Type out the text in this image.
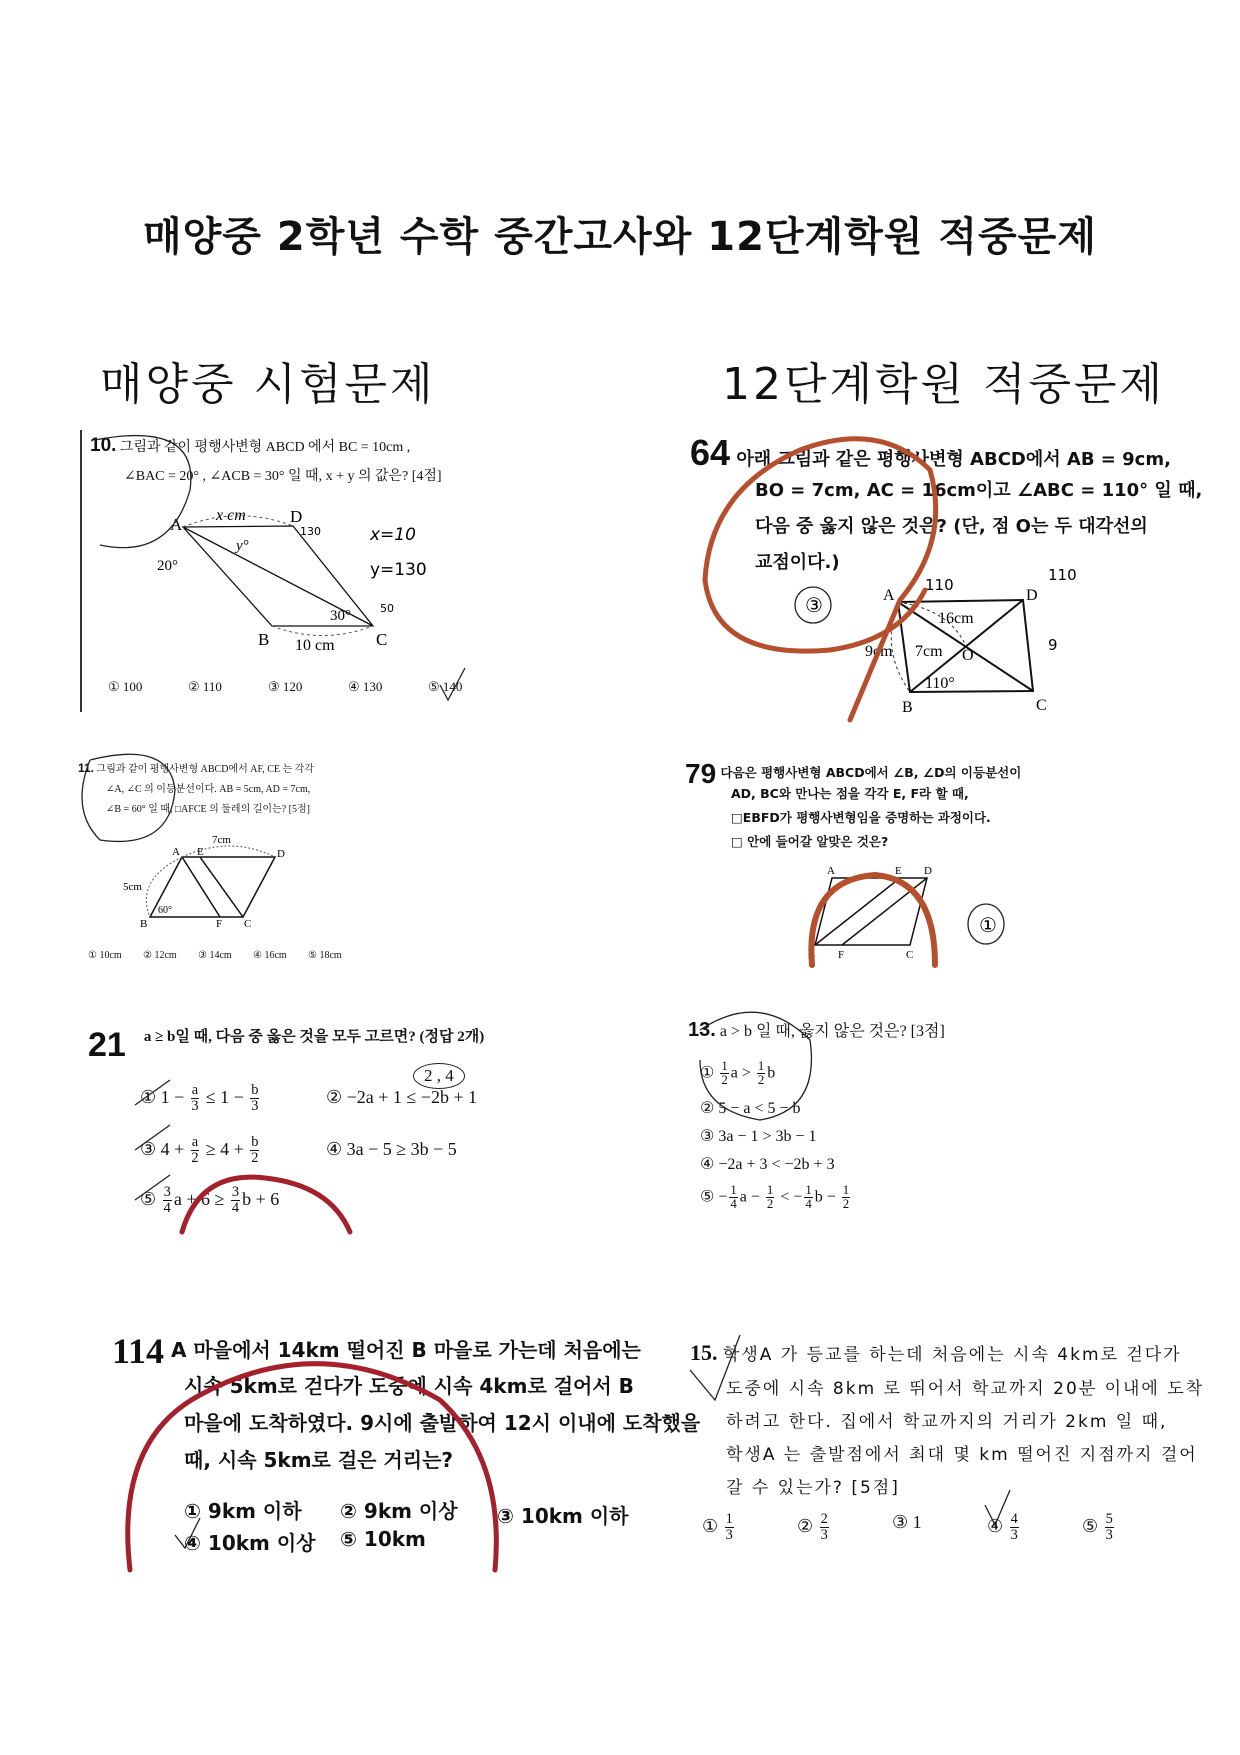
매양중 2학년 수학 중간고사와 12단계학원 적중문제
매양중 시험문제	12단계학원 적중문제
10. 그림과 같이 평행사변형 ABCD 에서 BC = 10cm ,
∠BAC = 20° , ∠ACB = 30° 일 때, x + y 의 값은? [4점]
① 100	② 110	③ 120	④ 130	⑤ 140
A	D
B	C
x cm
y°
20°
30°
10 cm
x=10
y=130
130
50
64 아래 그림과 같은 평행사변형 ABCD에서 AB = 9cm,
BO = 7cm, AC = 16cm이고 ∠ABC = 110° 일 때,
다음 중 옳지 않은 것은? (단, 점 O는 두 대각선의
교점이다.)
③	A	D
B	C
O
16cm
9cm 7cm
110°
110
110
9
11. 그림과 같이 평행사변형 ABCD에서 AF, CE 는 각각
∠A, ∠C 의 이등분선이다. AB = 5cm, AD = 7cm,
∠B = 60° 일 때, □AFCE 의 둘레의 길이는? [5점]
① 10cm	② 12cm	③ 14cm	④ 16cm	⑤ 18cm
A E	D
B	F C
7cm
5cm
60°
79 다음은 평행사변형 ABCD에서 ∠B, ∠D의 이등분선이
AD, BC와 만나는 점을 각각 E, F라 할 때,
□EBFD가 평행사변형임을 증명하는 과정이다.
□ 안에 들어갈 알맞은 것은?
A	E D
B F	C
①
21 a ≥ b일 때, 다음 중 옳은 것을 모두 고르면? (정답 2개)
2 , 4
① $1 - \frac{a}{3} \le 1 - \frac{b}{3}$	② −2a + 1 ≤ −2b + 1
③ $4 + \frac{a}{2} \ge 4 + \frac{b}{2}$	④ 3a − 5 ≥ 3b − 5
⑤ $\frac{3}{4}$ $a + 6 \ge \frac{3}{4}$ b + 6
13. a > b 일 때, 옳지 않은 것은? [3점]
① $\frac{1}{2}$ $a > \frac{1}{2}$ b
② 5 − a < 5 − b
③ 3a − 1 > 3b − 1
④ −2a + 3 < −2b + 3
⑤ − $\frac{1}{4}$ $a - \frac{1}{2}$ < − $\frac{1}{4}$ $b - \frac{1}{2}$
114 A 마을에서 14km 떨어진 B 마을로 가는데 처음에는
시속 5km로 걷다가 도중에 시속 4km로 걸어서 B
마을에 도착하였다. 9시에 출발하여 12시 이내에 도착했을
때, 시속 5km로 걸은 거리는?
① 9km 이하 ② 9km 이상 ③ 10km 이하
④ 10km 이상 ⑤ 10km
15. 학생A 가 등교를 하는데 처음에는 시속 4km로 걷다가
도중에 시속 8km 로 뛰어서 학교까지 20분 이내에 도착
하려고 한다. 집에서 학교까지의 거리가 2km 일 때,
학생A 는 출발점에서 최대 몇 km 떨어진 지점까지 걸어
갈 수 있는가? [5점]
① $\frac{1}{3}$	② $\frac{2}{3}$	③ 1	④ $\frac{4}{3}$	⑤ $\frac{5}{3}$
